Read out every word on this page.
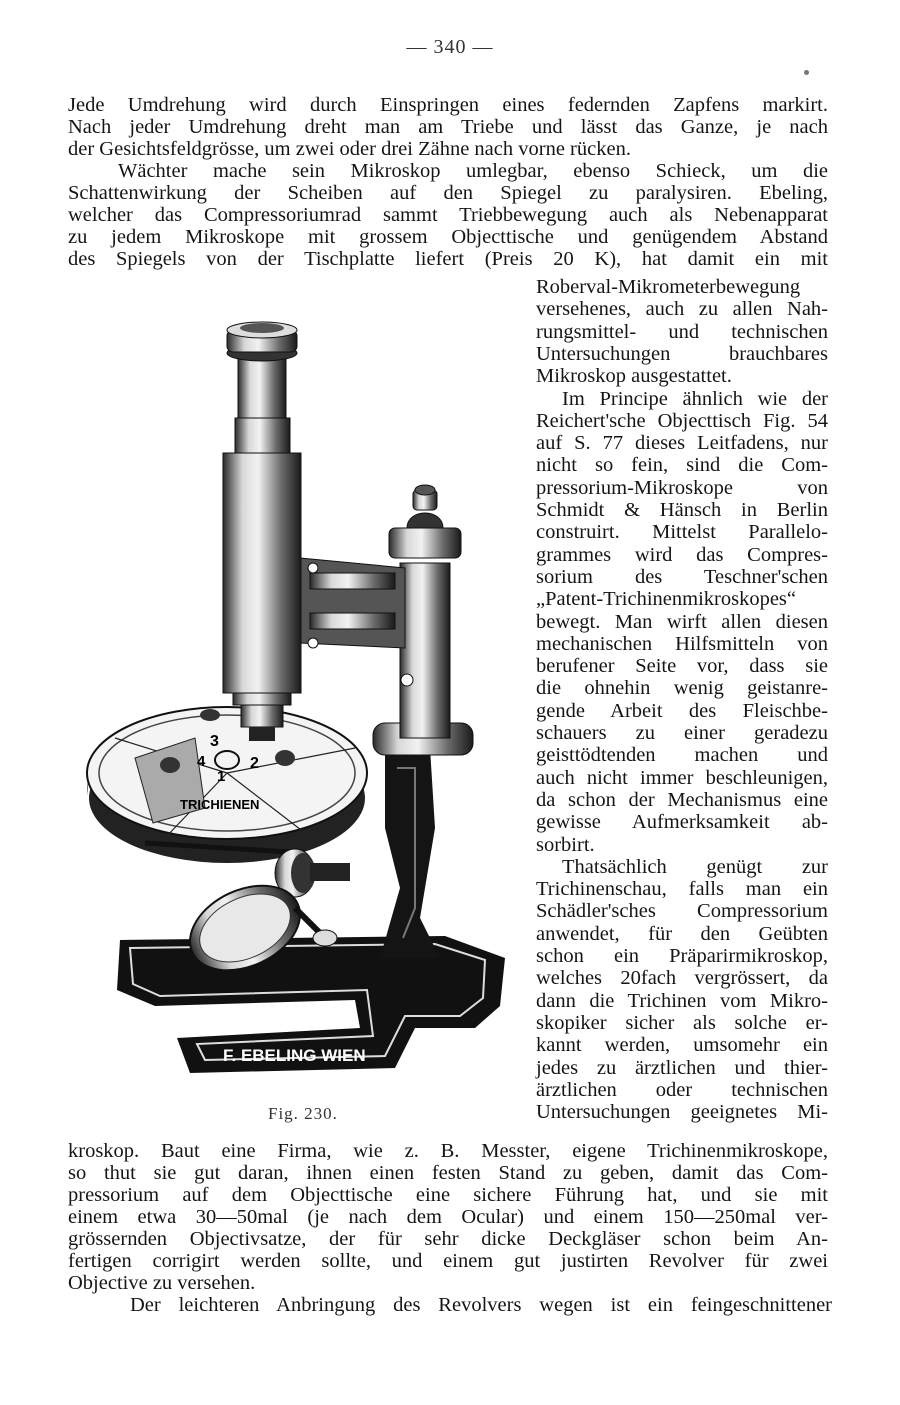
— 340 —
Jede Umdrehung wird durch Einspringen eines federnden Zapfens markirt.
Nach jeder Umdrehung dreht man am Triebe und lässt das Ganze, je nach
der Gesichtsfeldgrösse, um zwei oder drei Zähne nach vorne rücken.
Wächter mache sein Mikroskop umlegbar, ebenso Schieck, um die
Schattenwirkung der Scheiben auf den Spiegel zu paralysiren. Ebeling,
welcher das Compressoriumrad sammt Triebbewegung auch als Nebenapparat
zu jedem Mikroskope mit grossem Objecttische und genügendem Abstand
des Spiegels von der Tischplatte liefert (Preis 20 K), hat damit ein mit
Roberval-Mikrometerbewegung
versehenes, auch zu allen Nah-
rungsmittel- und technischen
Untersuchungen brauchbares
Mikroskop ausgestattet.
Im Principe ähnlich wie der
Reichert'sche Objecttisch Fig. 54
auf S. 77 dieses Leitfadens, nur
nicht so fein, sind die Com-
pressorium-Mikroskope von
Schmidt & Hänsch in Berlin
construirt. Mittelst Parallelo-
grammes wird das Compres-
sorium des Teschner'schen
„Patent-Trichinenmikroskopes“
bewegt. Man wirft allen diesen
mechanischen Hilfsmitteln von
berufener Seite vor, dass sie
die ohnehin wenig geistanre-
gende Arbeit des Fleischbe-
schauers zu einer geradezu
geisttödtenden machen und
auch nicht immer beschleunigen,
da schon der Mechanismus eine
gewisse Aufmerksamkeit ab-
sorbirt.
Thatsächlich genügt zur
Trichinenschau, falls man ein
Schädler'sches Compressorium
anwendet, für den Geübten
schon ein Präparirmikroskop,
welches 20fach vergrössert, da
dann die Trichinen vom Mikro-
skopiker sicher als solche er-
kannt werden, umsomehr ein
jedes zu ärztlichen und thier-
ärztlichen oder technischen
Untersuchungen geeignetes Mi-
F. EBELING WIEN
3
2
1
4
TRICHIENEN
Fig. 230.
kroskop. Baut eine Firma, wie z. B. Messter, eigene Trichinenmikroskope,
so thut sie gut daran, ihnen einen festen Stand zu geben, damit das Com-
pressorium auf dem Objecttische eine sichere Führung hat, und sie mit
einem etwa 30—50mal (je nach dem Ocular) und einem 150—250mal ver-
grössernden Objectivsatze, der für sehr dicke Deckgläser schon beim An-
fertigen corrigirt werden sollte, und einem gut justirten Revolver für zwei
Objective zu versehen.
Der leichteren Anbringung des Revolvers wegen ist ein feingeschnittener
